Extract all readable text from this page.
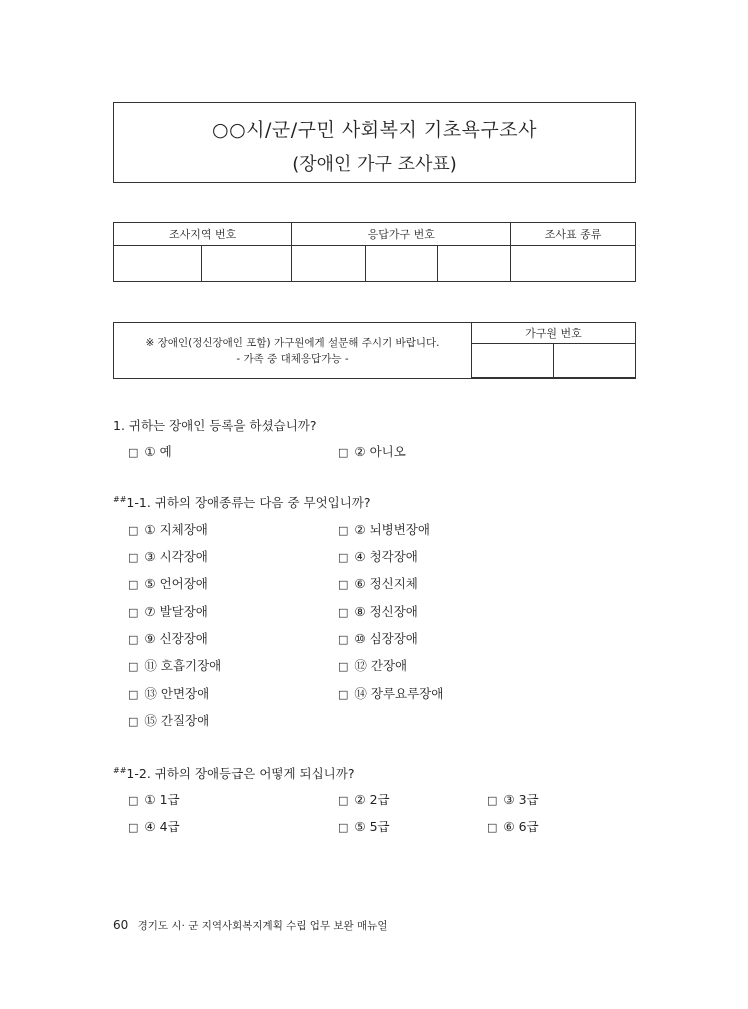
○○시/군/구민 사회복지 기초욕구조사
(장애인 가구 조사표)
조사지역 번호		응답가구 번호			조사표 종류

※ 장애인(정신장애인 포함) 가구원에게 설문해 주시기 바랍니다.
- 가족 중 대체응답가능 -
가구원 번호

1. 귀하는 장애인 등록을 하셨습니까?
□ ① 예	□ ② 아니오
##1-1. 귀하의 장애종류는 다음 중 무엇입니까?
□ ① 지체장애	□ ② 뇌병변장애
□ ③ 시각장애	□ ④ 청각장애
□ ⑤ 언어장애	□ ⑥ 정신지체
□ ⑦ 발달장애	□ ⑧ 정신장애
□ ⑨ 신장장애	□ ⑩ 심장장애
□ ⑪ 호흡기장애	□ ⑫ 간장애
□ ⑬ 안면장애	□ ⑭ 장루요루장애
□ ⑮ 간질장애
##1-2. 귀하의 장애등급은 어떻게 되십니까?
□ ① 1급	□ ② 2급	□ ③ 3급
□ ④ 4급	□ ⑤ 5급	□ ⑥ 6급
60 경기도 시· 군 지역사회복지계획 수립 업무 보완 매뉴얼
